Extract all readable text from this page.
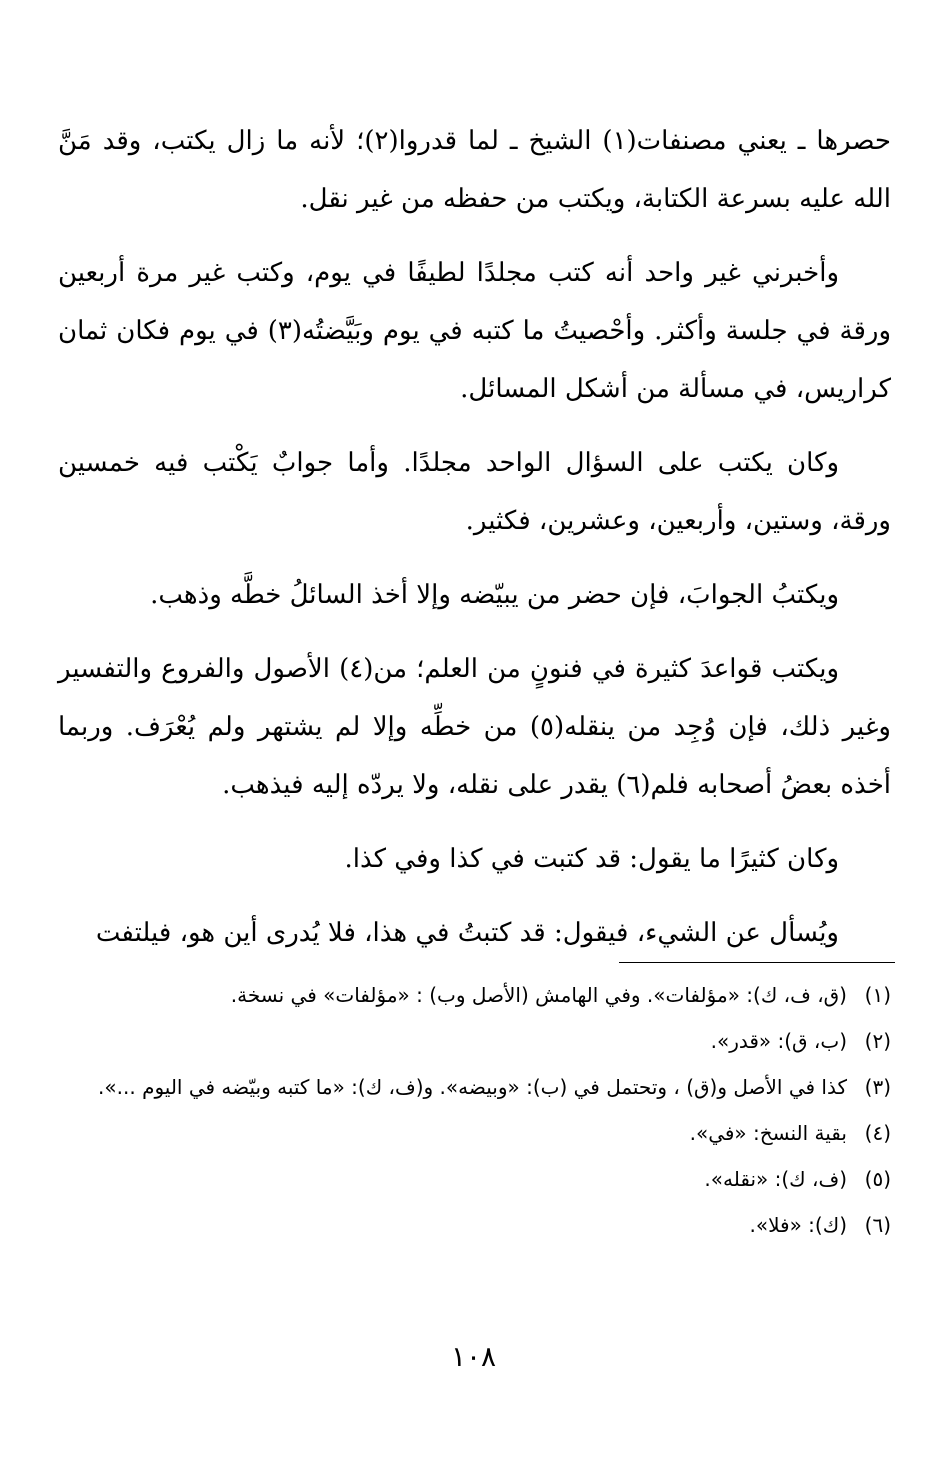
حصرها ـ يعني مصنفات(١) الشيخ ـ لما قدروا(٢)؛ لأنه ما زال يكتب، وقد مَنَّ الله عليه بسرعة الكتابة، ويكتب من حفظه من غير نقل.

وأخبرني غير واحد أنه كتب مجلدًا لطيفًا في يوم، وكتب غير مرة أربعين ورقة في جلسة وأكثر. وأحْصيتُ ما كتبه في يوم وبَيَّضتُه(٣) في يوم فكان ثمان كراريس، في مسألة من أشكل المسائل.

وكان يكتب على السؤال الواحد مجلدًا. وأما جوابٌ يَكْتب فيه خمسين ورقة، وستين، وأربعين، وعشرين، فكثير.

ويكتبُ الجوابَ، فإن حضر من يبيّضه وإلا أخذ السائلُ خطَّه وذهب.

ويكتب قواعدَ كثيرة في فنونٍ من العلم؛ من(٤) الأصول والفروع والتفسير وغير ذلك، فإن وُجِد من ينقله(٥) من خطِّه وإلا لم يشتهر ولم يُعْرَف. وربما أخذه بعضُ أصحابه فلم(٦) يقدر على نقله، ولا يردّه إليه فيذهب.

وكان كثيرًا ما يقول: قد كتبت في كذا وفي كذا.

ويُسأل عن الشيء، فيقول: قد كتبتُ في هذا، فلا يُدرى أين هو، فيلتفت

(١)
(ق، ف، ك): «مؤلفات». وفي الهامش (الأصل وب) : «مؤلفات» في نسخة.
(٢)
(ب، ق): «قدر».
(٣)
كذا في الأصل و(ق) ، وتحتمل في (ب): «وبيضه». و(ف، ك): «ما كتبه وبيّضه في اليوم ...».
(٤)
بقية النسخ: «في».
(٥)
(ف، ك): «نقله».
(٦)
(ك): «فلا».
١٠٨
